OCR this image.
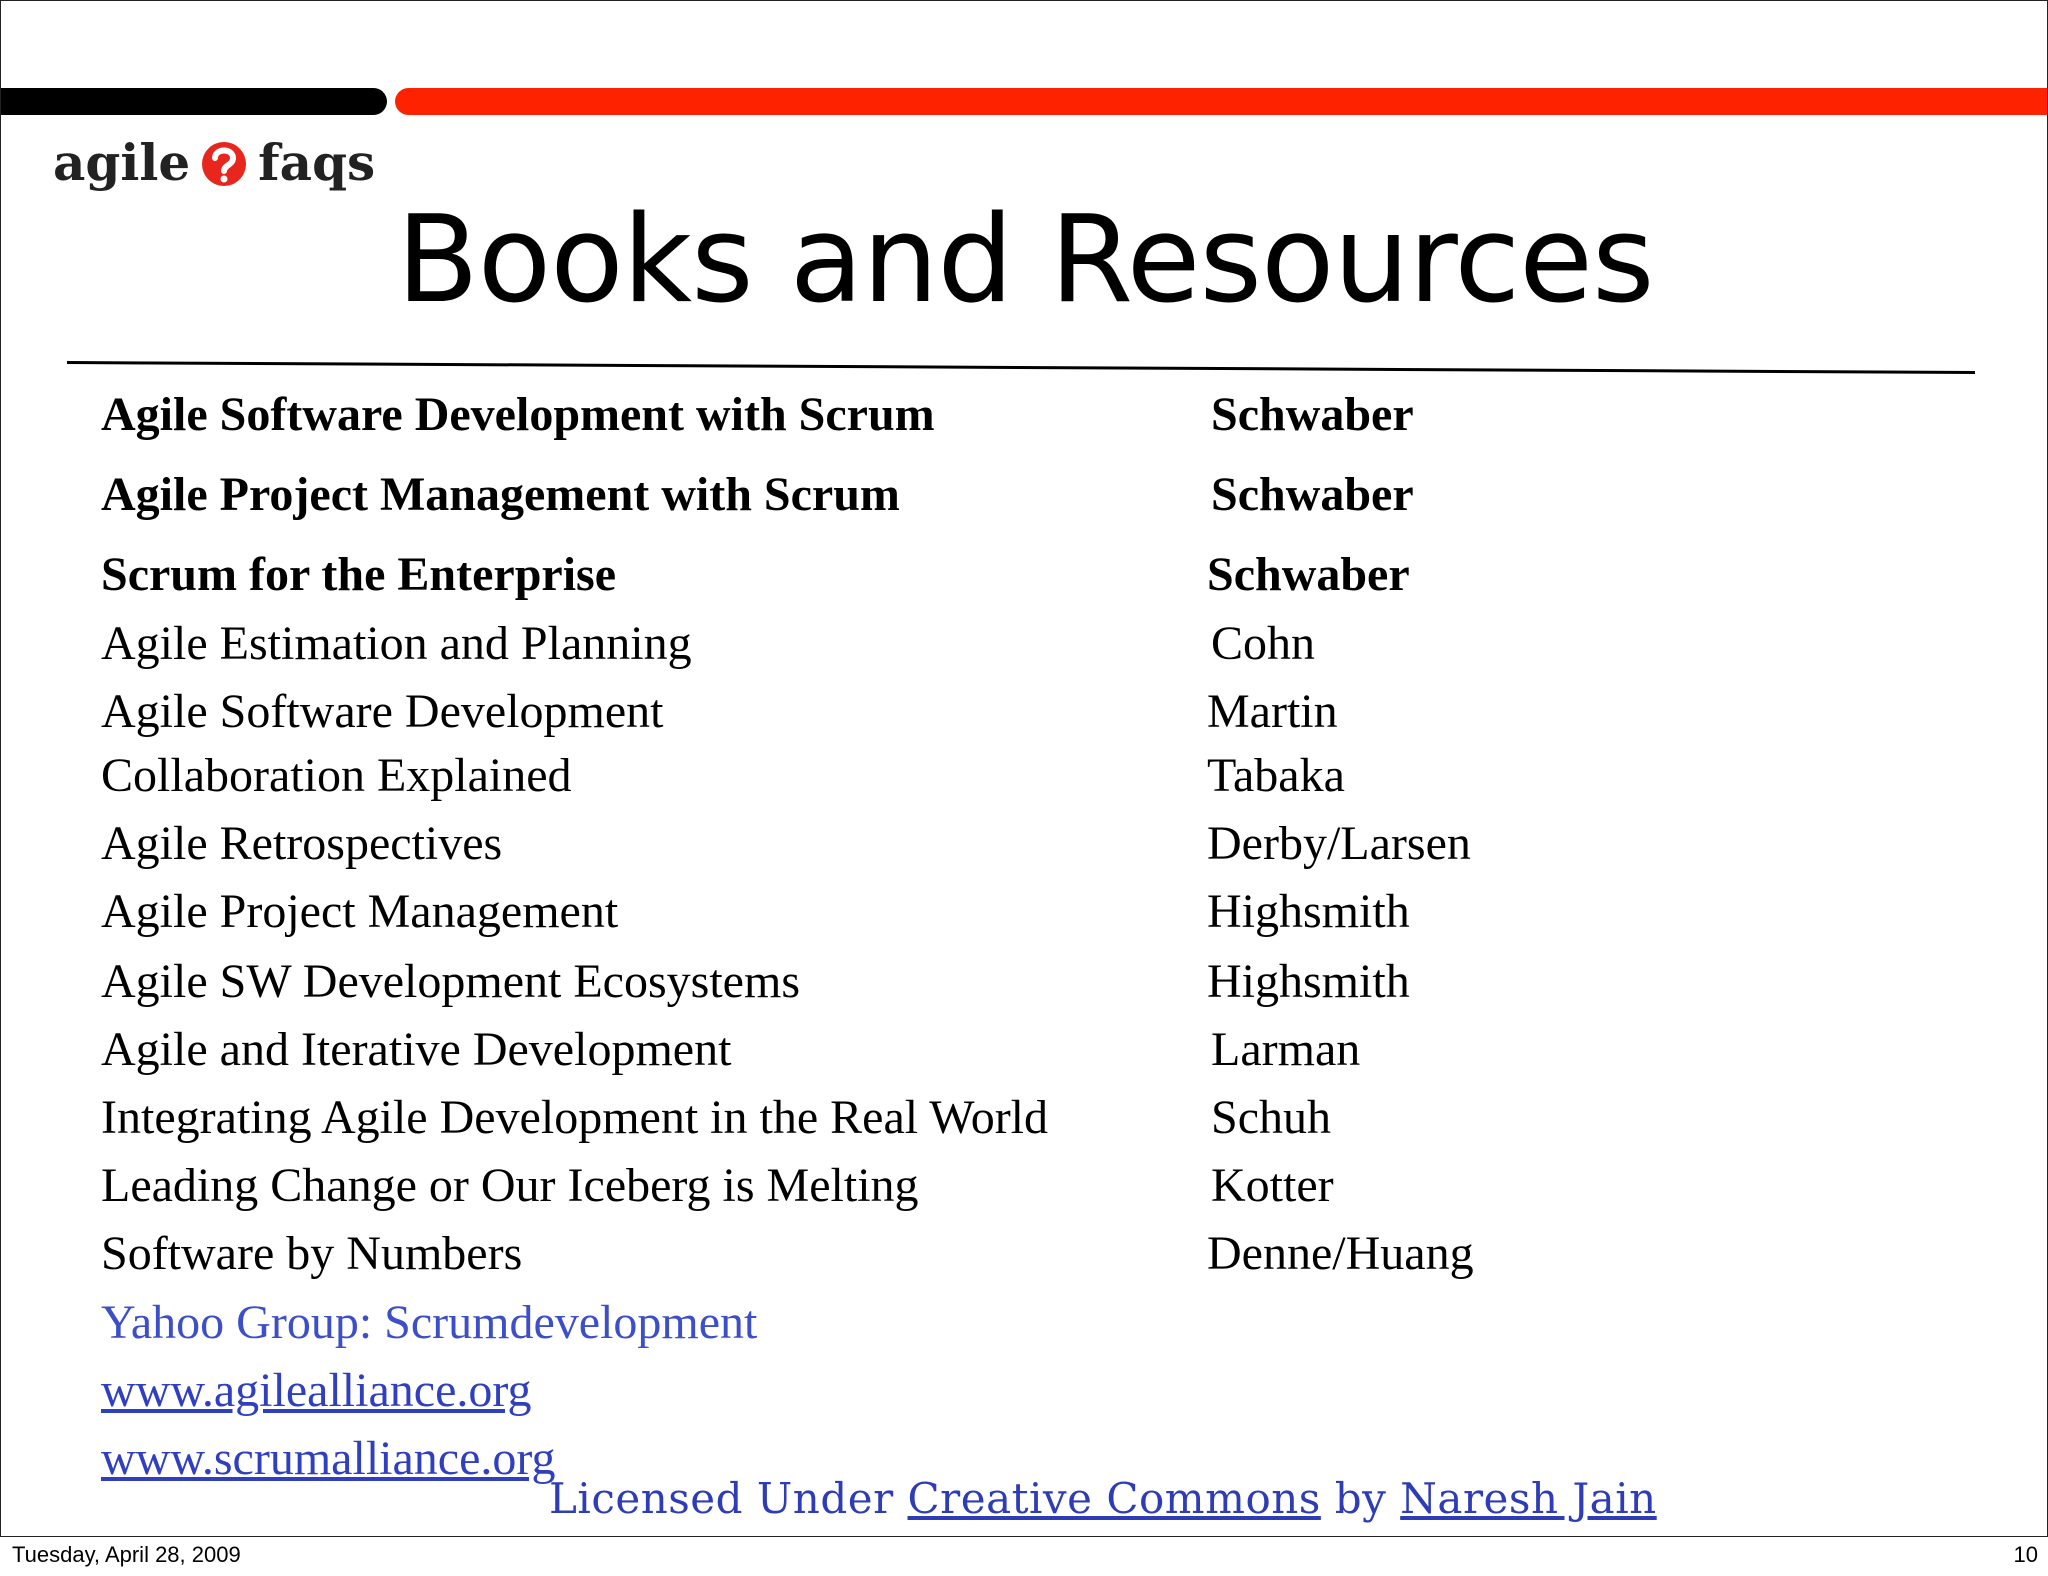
agile faqs
Books and Resources
Agile Software Development with Scrum	Schwaber
Agile Project Management with Scrum	Schwaber
Scrum for the Enterprise	Schwaber
Agile Estimation and Planning	Cohn
Agile Software Development	Martin
Collaboration Explained	Tabaka
Agile Retrospectives	Derby/Larsen
Agile Project Management	Highsmith
Agile SW Development Ecosystems	Highsmith
Agile and Iterative Development	Larman
Integrating Agile Development in the Real World	Schuh
Leading Change or Our Iceberg is Melting	Kotter
Software by Numbers	Denne/Huang
Yahoo Group: Scrumdevelopment
www.agilealliance.org
www.scrumalliance.org
Licensed Under Creative Commons by Naresh Jain
Tuesday, April 28, 2009	10
